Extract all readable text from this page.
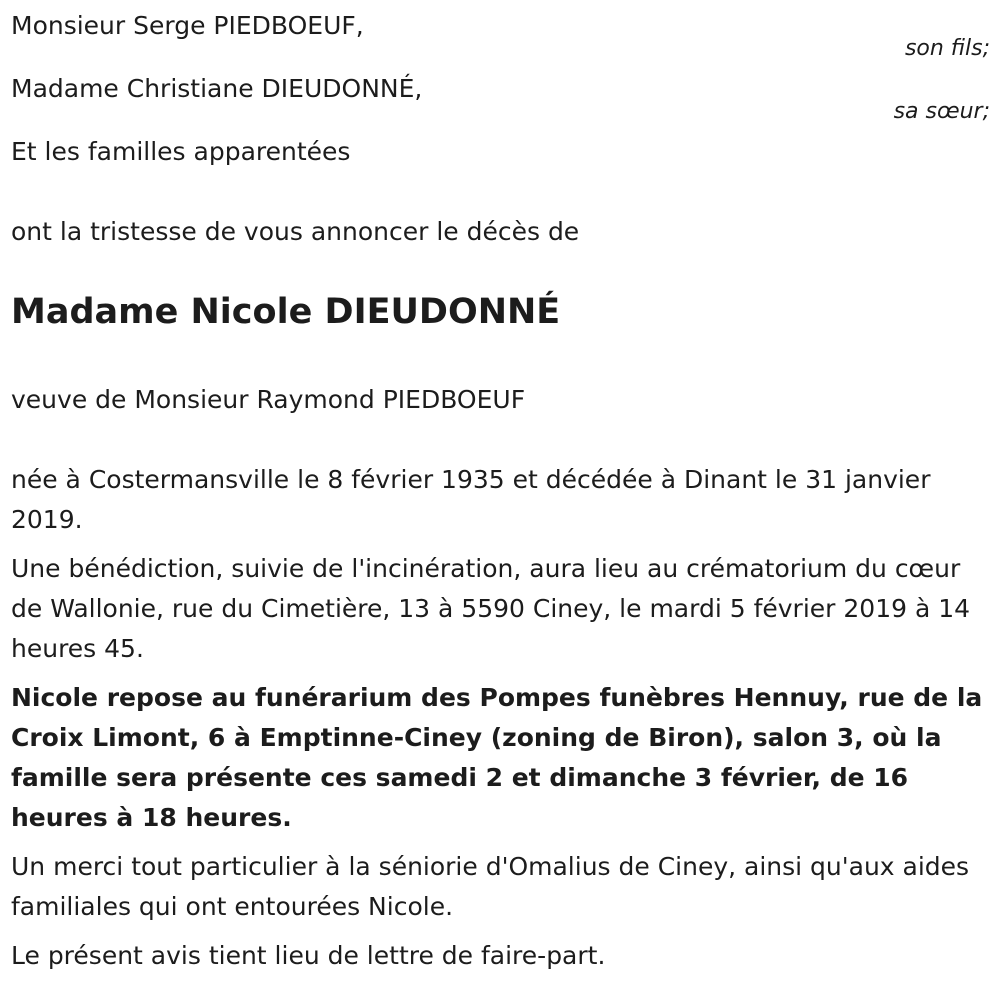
Monsieur Serge PIEDBOEUF,
son fils;
Madame Christiane DIEUDONNÉ,
sa sœur;
Et les familles apparentées
ont la tristesse de vous annoncer le décès de
Madame Nicole DIEUDONNÉ
veuve de Monsieur Raymond PIEDBOEUF

née à Costermansville le 8 février 1935 et décédée à Dinant le 31 janvier 2019.

Une bénédiction, suivie de l'incinération, aura lieu au crématorium du cœur de Wallonie, rue du Cimetière, 13 à 5590 Ciney, le mardi 5 février 2019 à 14 heures 45.

Nicole repose au funérarium des Pompes funèbres Hennuy, rue de la Croix Limont, 6 à Emptinne-Ciney (zoning de Biron), salon 3, où la famille sera présente ces samedi 2 et dimanche 3 février, de 16 heures à 18 heures.

Un merci tout particulier à la séniorie d'Omalius de Ciney, ainsi qu'aux aides familiales qui ont entourées Nicole.

Le présent avis tient lieu de lettre de faire-part.
